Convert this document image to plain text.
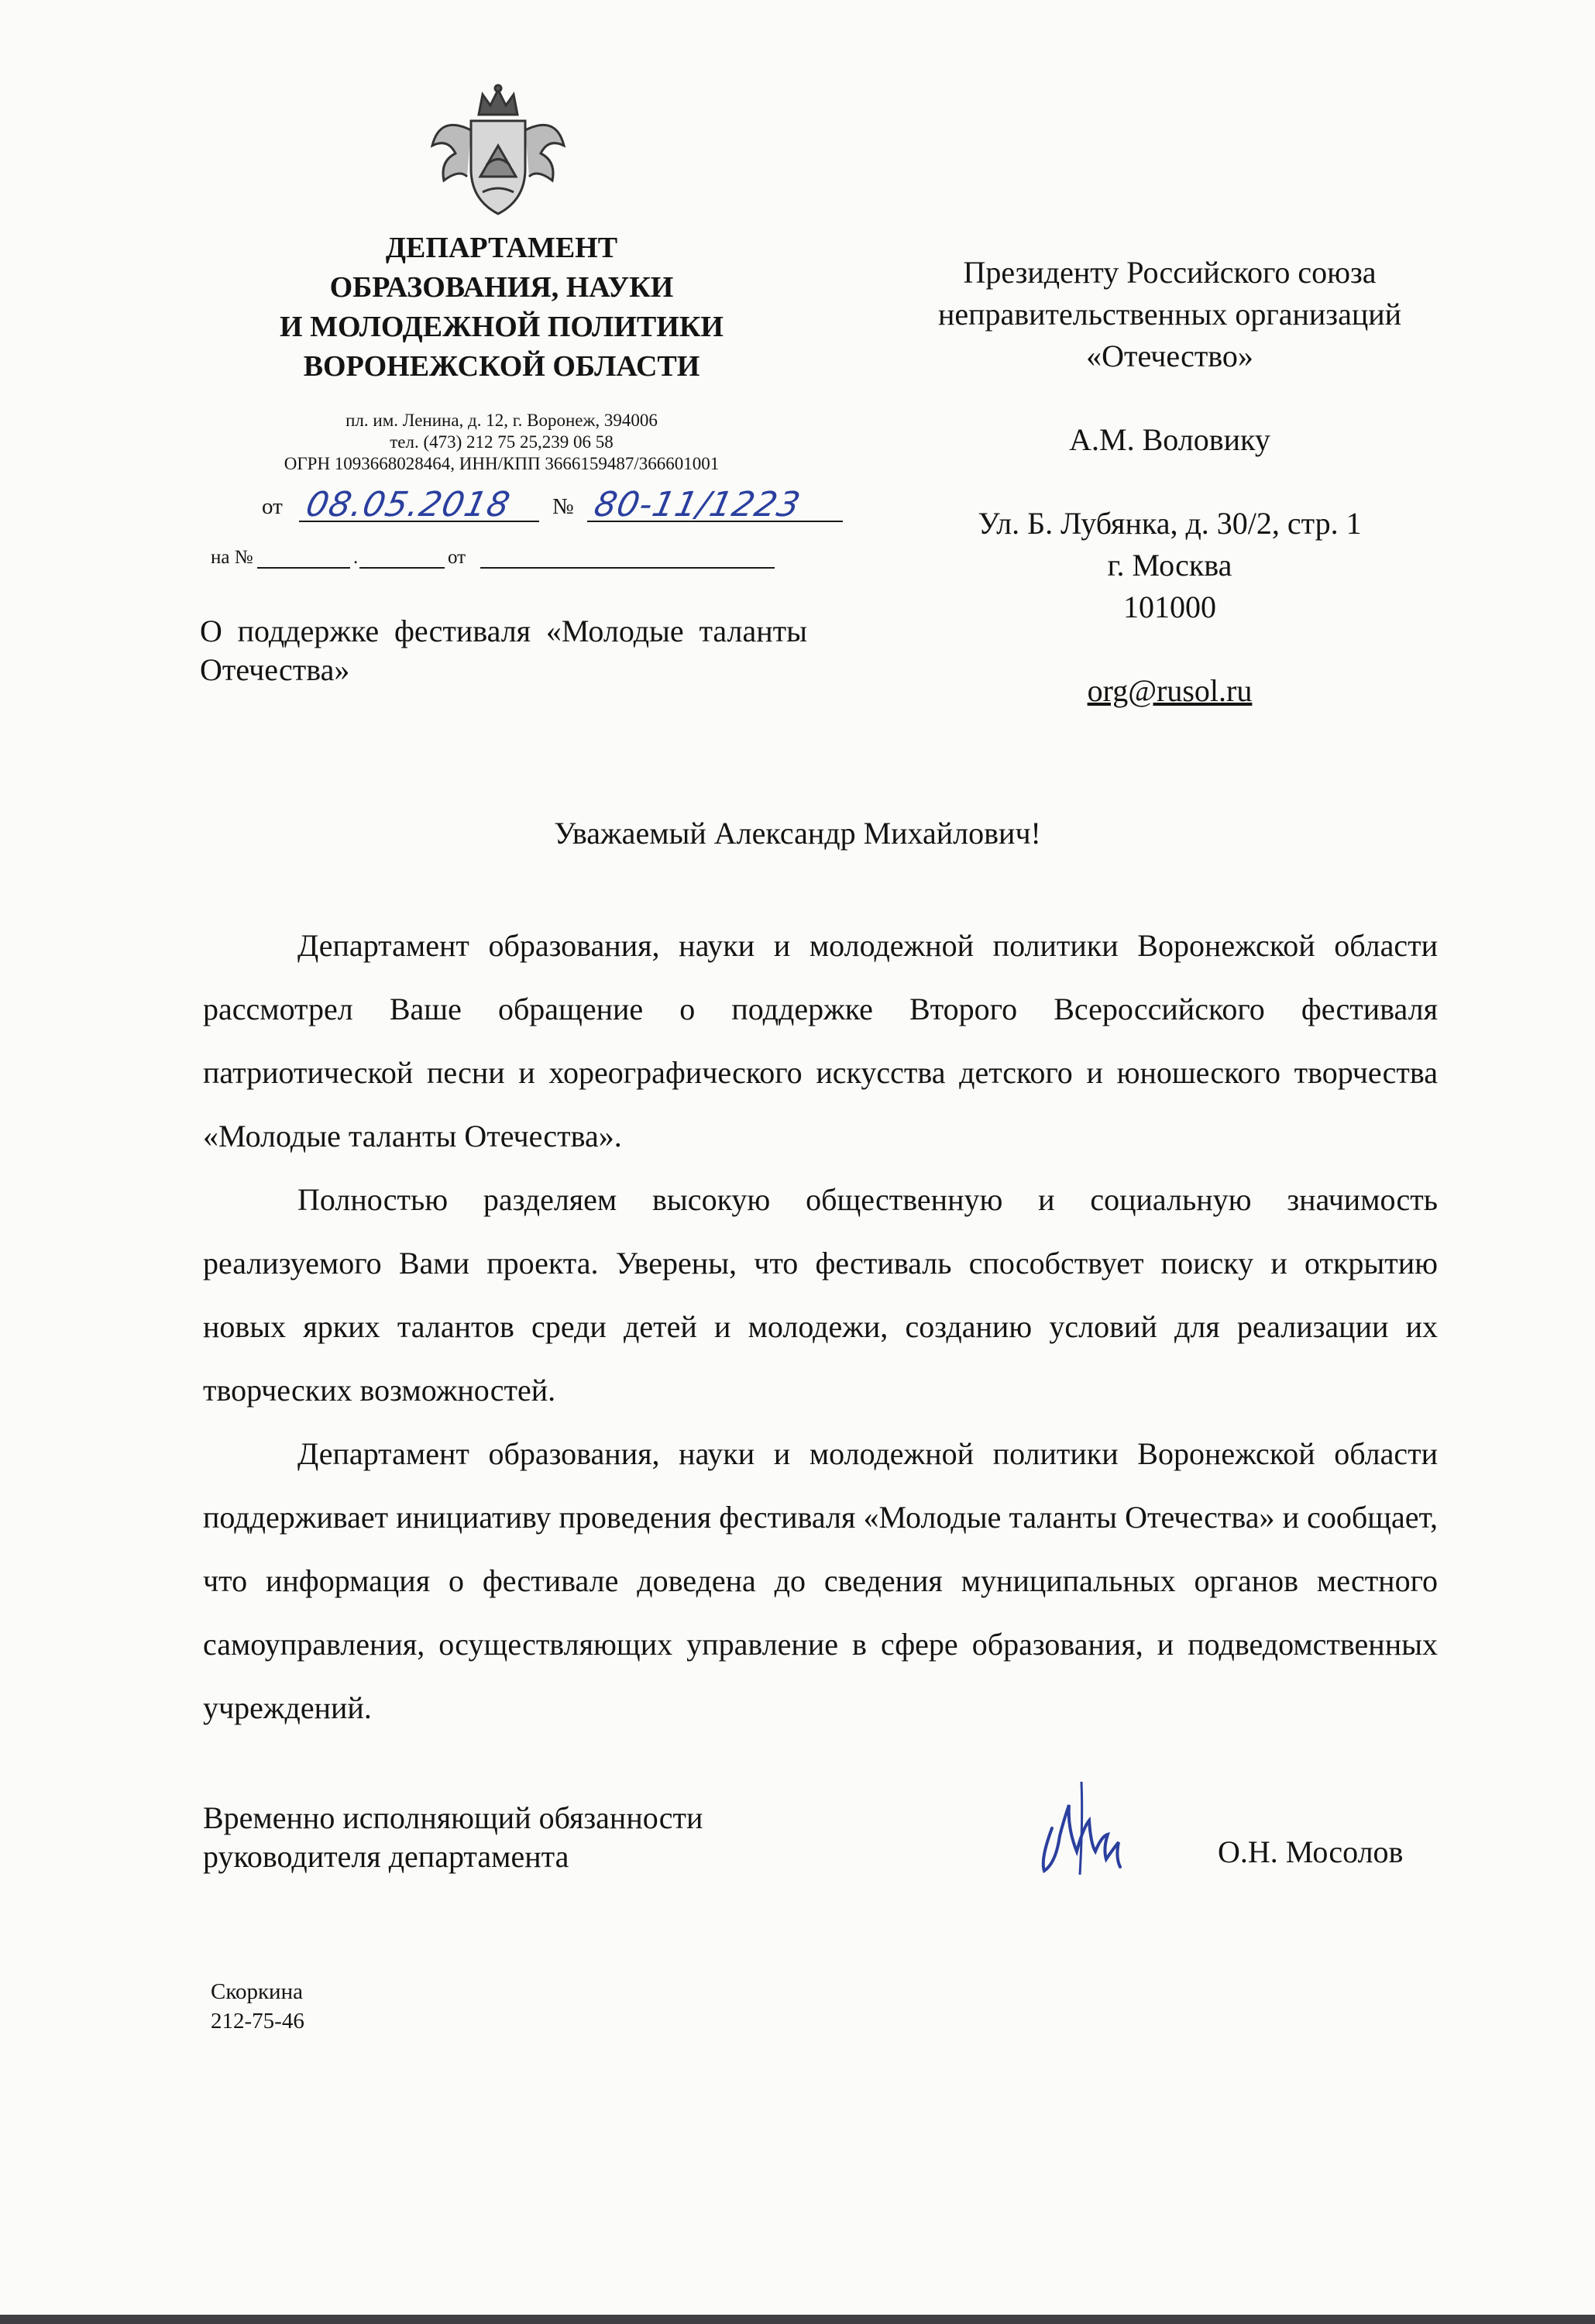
ДЕПАРТАМЕНТ
ОБРАЗОВАНИЯ, НАУКИ
И МОЛОДЕЖНОЙ ПОЛИТИКИ
ВОРОНЕЖСКОЙ ОБЛАСТИ
пл. им. Ленина, д. 12, г. Воронеж, 394006
тел. (473) 212 75 25,239 06 58
ОГРН 1093668028464, ИНН/КПП 3666159487/366601001
от 08.05.2018 № 80-11/1223
на №	.	от
О поддержке фестиваля «Молодые таланты Отечества»
Президенту Российского союза
неправительственных организаций
«Отечество»
А.М. Воловику
Ул. Б. Лубянка, д. 30/2, стр. 1
г. Москва
101000
org@rusol.ru
Уважаемый Александр Михайлович!

Департамент образования, науки и молодежной политики Воронежской области рассмотрел Ваше обращение о поддержке Второго Всероссийского фестиваля патриотической песни и хореографического искусства детского и юношеского творчества «Молодые таланты Отечества».

Полностью разделяем высокую общественную и социальную значимость реализуемого Вами проекта. Уверены, что фестиваль способствует поиску и открытию новых ярких талантов среди детей и молодежи, созданию условий для реализации их творческих возможностей.

Департамент образования, науки и молодежной политики Воронежской области поддерживает инициативу проведения фестиваля «Молодые таланты Отечества» и сообщает, что информация о фестивале доведена до сведения муниципальных органов местного самоуправления, осуществляющих управление в сфере образования, и подведомственных учреждений.

Временно исполняющий обязанности
руководителя департамента	О.Н. Мосолов
Скоркина
212-75-46
